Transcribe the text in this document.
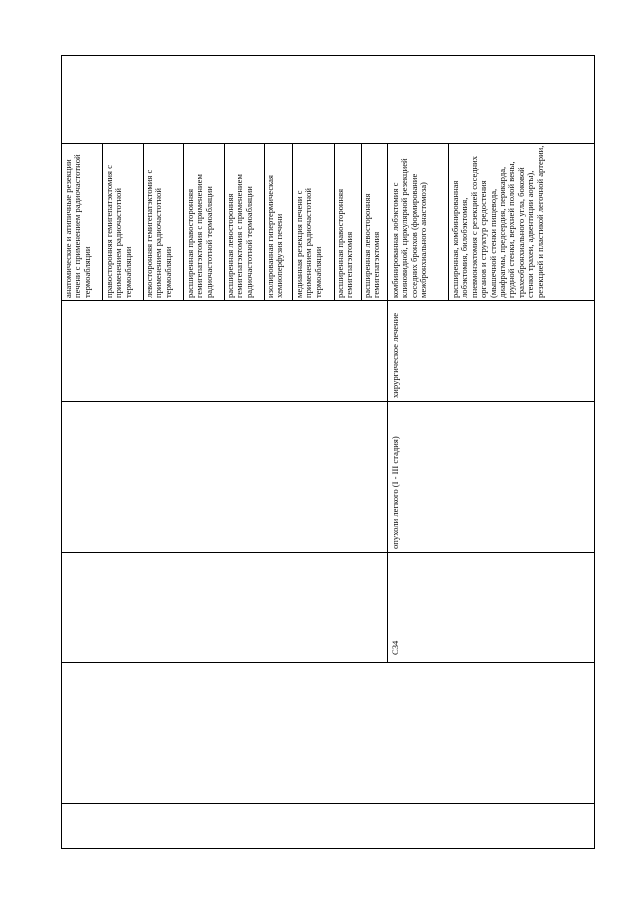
анатомические и атипичные резекции печени с применением радиочастотной термоабляции правосторонняя гемигепатэктомия с применением радиочастотной термоабляции левосторонняя гемигепатэктомия с применением радиочастотной термоабляции расширенная правосторонняя гемигепатэктомия с применением радиочастотной термоабляции расширенная левосторонняя гемигепатэктомия с применением радиочастотной термоабляции изолированная гипертермическая хемиоперфузия печени медианная резекция печени с применением радиочастотной термоабляции расширенная правосторонняя гемигепатэктомия расширенная левосторонняя гемигепатэктомия
C34
опухоли легкого (I - III стадия)
хирургическое лечение
комбинированная лобэктомия с клиновидной, циркулярной резекцией соседних бронхов (формирование межбронхиального анастомоза)	расширенная, комбинированная лобэктомия, билобэктомия, пневмонэктомия с резекцией соседних органов и структур средостения (мышечной стенки пищевода, диафрагмы, предсердия, перикарда, грудной стенки, верхней полой вены, трахеобронхиального угла, боковой стенки трахеи, адвентиции аорты), резекцией и пластикой легочной артерии,
